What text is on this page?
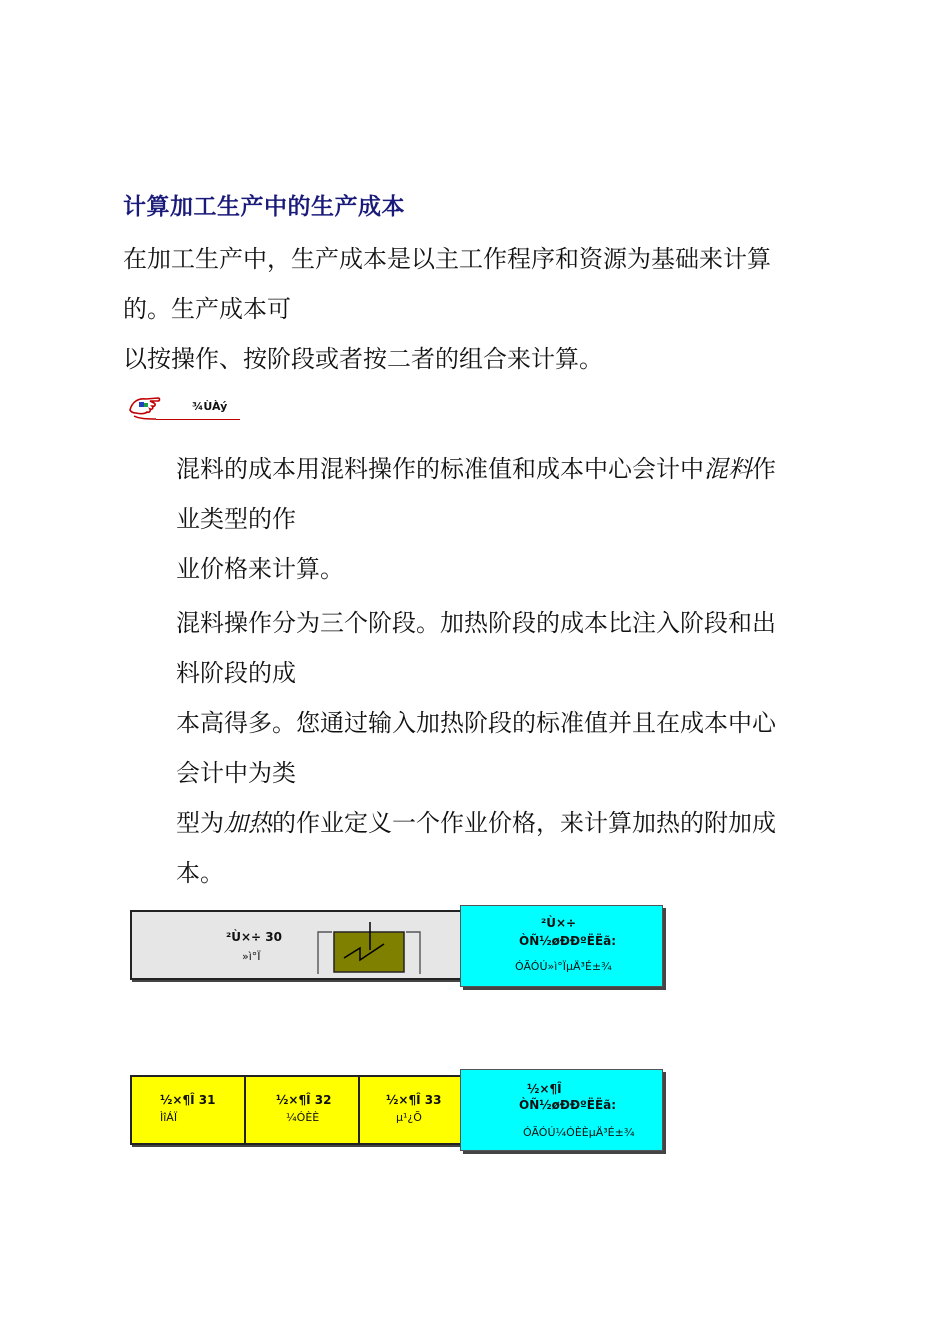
计算加工生产中的生产成本
在加工生产中，生产成本是以主工作程序和资源为基础来计算
的。生产成本可
以按操作、按阶段或者按二者的组合来计算。
¾ÙÀý
混料的成本用混料操作的标准值和成本中心会计中混料作
业类型的作
业价格来计算。
混料操作分为三个阶段。加热阶段的成本比注入阶段和出
料阶段的成
本高得多。您通过输入加热阶段的标准值并且在成本中心
会计中为类
型为加热的作业定义一个作业价格，来计算加热的附加成
本。
²Ù×÷ 30
»ì°Ï
²Ù×÷
ÒÑ½øÐÐºËËã:
ÓÃÓÚ»ì°ÏµÄ³É±¾
½×¶Î 31
ÌîÁÏ
½×¶Î 32
¼ÓÈÈ
½×¶Î 33
µ¹¿Õ
½×¶Î
ÒÑ½øÐÐºËËã:
ÓÃÓÚ¼ÓÈÈµÄ³É±¾
